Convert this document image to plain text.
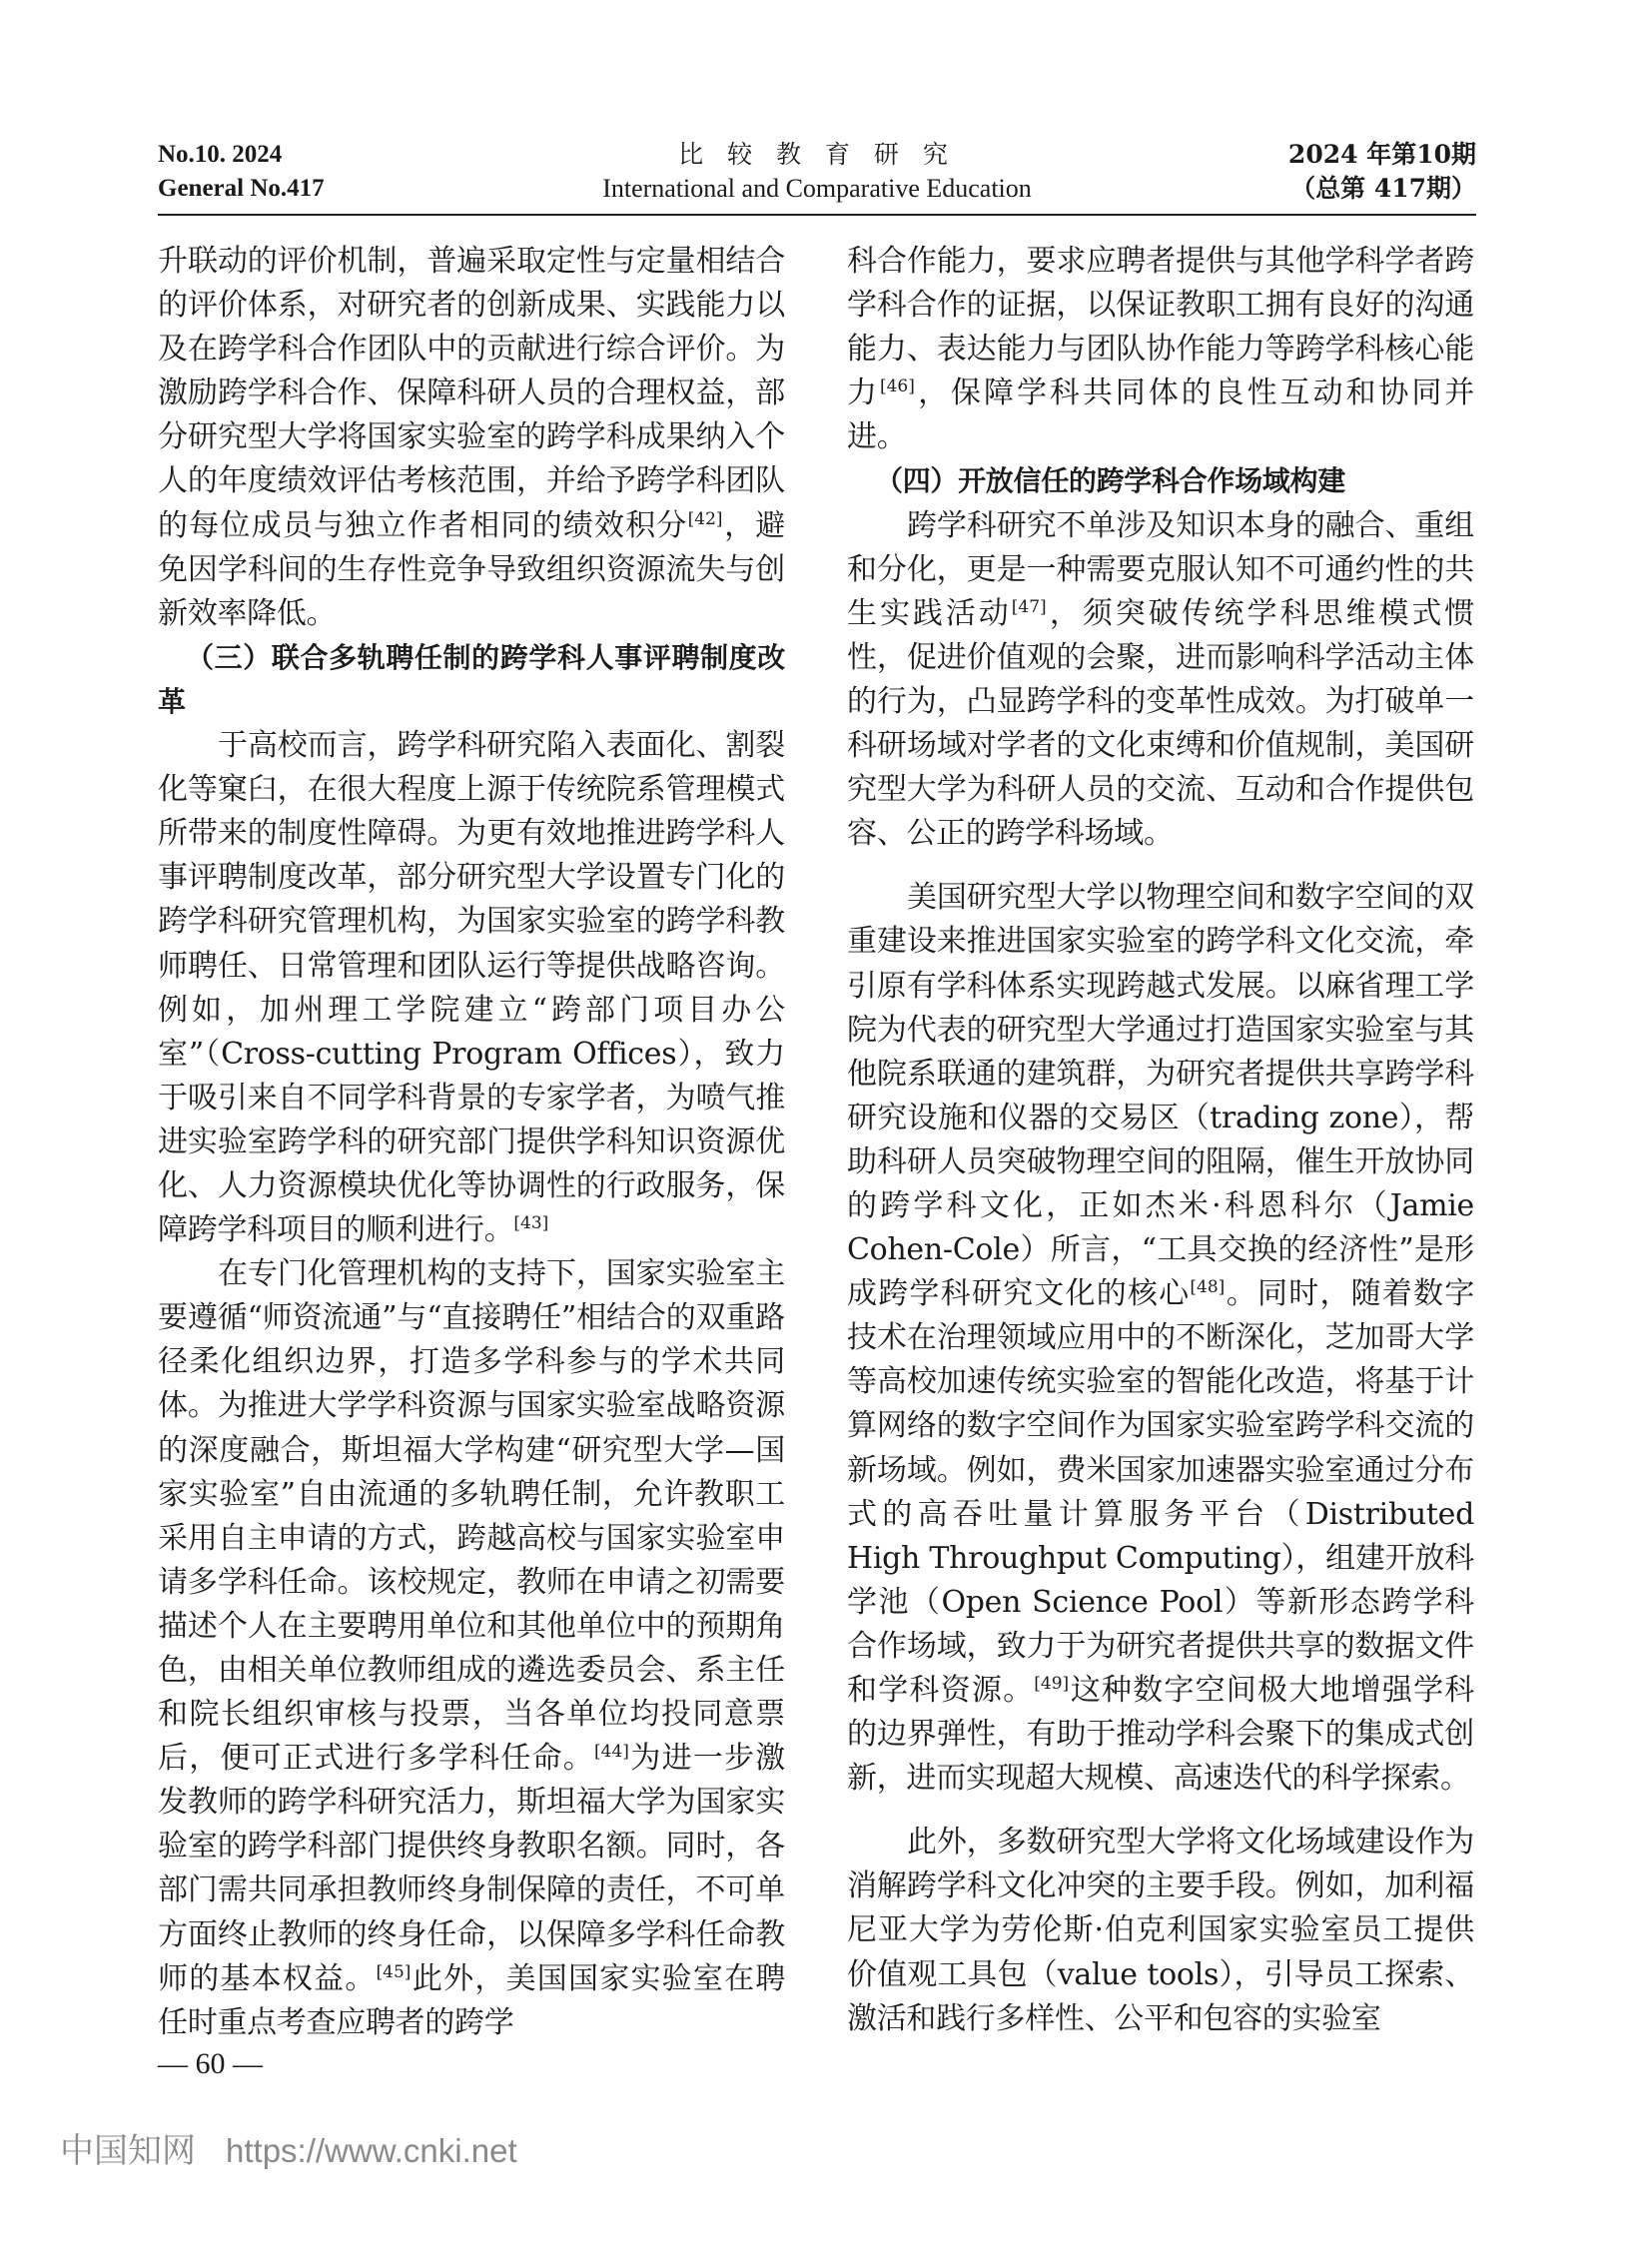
No.10. 2024
General No.417
比 较 教 育 研 究
International and Comparative Education
2024 年第10期
（总第 417期）

升联动的评价机制，普遍采取定性与定量相结合的评价体系，对研究者的创新成果、实践能力以及在跨学科合作团队中的贡献进行综合评价。为激励跨学科合作、保障科研人员的合理权益，部分研究型大学将国家实验室的跨学科成果纳入个人的年度绩效评估考核范围，并给予跨学科团队的每位成员与独立作者相同的绩效积分[42]，避免因学科间的生存性竞争导致组织资源流失与创新效率降低。

（三）联合多轨聘任制的跨学科人事评聘制度改革

于高校而言，跨学科研究陷入表面化、割裂化等窠臼，在很大程度上源于传统院系管理模式所带来的制度性障碍。为更有效地推进跨学科人事评聘制度改革，部分研究型大学设置专门化的跨学科研究管理机构，为国家实验室的跨学科教师聘任、日常管理和团队运行等提供战略咨询。例如，加州理工学院建立“跨部门项目办公室”（Cross-cutting Program Offices），致力于吸引来自不同学科背景的专家学者，为喷气推进实验室跨学科的研究部门提供学科知识资源优化、人力资源模块优化等协调性的行政服务，保障跨学科项目的顺利进行。[43]

在专门化管理机构的支持下，国家实验室主要遵循“师资流通”与“直接聘任”相结合的双重路径柔化组织边界，打造多学科参与的学术共同体。为推进大学学科资源与国家实验室战略资源的深度融合，斯坦福大学构建“研究型大学—国家实验室”自由流通的多轨聘任制，允许教职工采用自主申请的方式，跨越高校与国家实验室申请多学科任命。该校规定，教师在申请之初需要描述个人在主要聘用单位和其他单位中的预期角色，由相关单位教师组成的遴选委员会、系主任和院长组织审核与投票，当各单位均投同意票后，便可正式进行多学科任命。[44]为进一步激发教师的跨学科研究活力，斯坦福大学为国家实验室的跨学科部门提供终身教职名额。同时，各部门需共同承担教师终身制保障的责任，不可单方面终止教师的终身任命，以保障多学科任命教师的基本权益。[45]此外，美国国家实验室在聘任时重点考查应聘者的跨学

科合作能力，要求应聘者提供与其他学科学者跨学科合作的证据，以保证教职工拥有良好的沟通能力、表达能力与团队协作能力等跨学科核心能力[46]，保障学科共同体的良性互动和协同并进。

（四）开放信任的跨学科合作场域构建

跨学科研究不单涉及知识本身的融合、重组和分化，更是一种需要克服认知不可通约性的共生实践活动[47]，须突破传统学科思维模式惯性，促进价值观的会聚，进而影响科学活动主体的行为，凸显跨学科的变革性成效。为打破单一科研场域对学者的文化束缚和价值规制，美国研究型大学为科研人员的交流、互动和合作提供包容、公正的跨学科场域。

美国研究型大学以物理空间和数字空间的双重建设来推进国家实验室的跨学科文化交流，牵引原有学科体系实现跨越式发展。以麻省理工学院为代表的研究型大学通过打造国家实验室与其他院系联通的建筑群，为研究者提供共享跨学科研究设施和仪器的交易区（trading zone），帮助科研人员突破物理空间的阻隔，催生开放协同的跨学科文化，正如杰米·科恩科尔（Jamie Cohen-Cole）所言，“工具交换的经济性”是形成跨学科研究文化的核心[48]。同时，随着数字技术在治理领域应用中的不断深化，芝加哥大学等高校加速传统实验室的智能化改造，将基于计算网络的数字空间作为国家实验室跨学科交流的新场域。例如，费米国家加速器实验室通过分布式的高吞吐量计算服务平台（Distributed High Throughput Computing），组建开放科学池（Open Science Pool）等新形态跨学科合作场域，致力于为研究者提供共享的数据文件和学科资源。[49]这种数字空间极大地增强学科的边界弹性，有助于推动学科会聚下的集成式创新，进而实现超大规模、高速迭代的科学探索。

此外，多数研究型大学将文化场域建设作为消解跨学科文化冲突的主要手段。例如，加利福尼亚大学为劳伦斯·伯克利国家实验室员工提供价值观工具包（value tools），引导员工探索、激活和践行多样性、公平和包容的实验室

— 60 —
中国知网 https://www.cnki.net
